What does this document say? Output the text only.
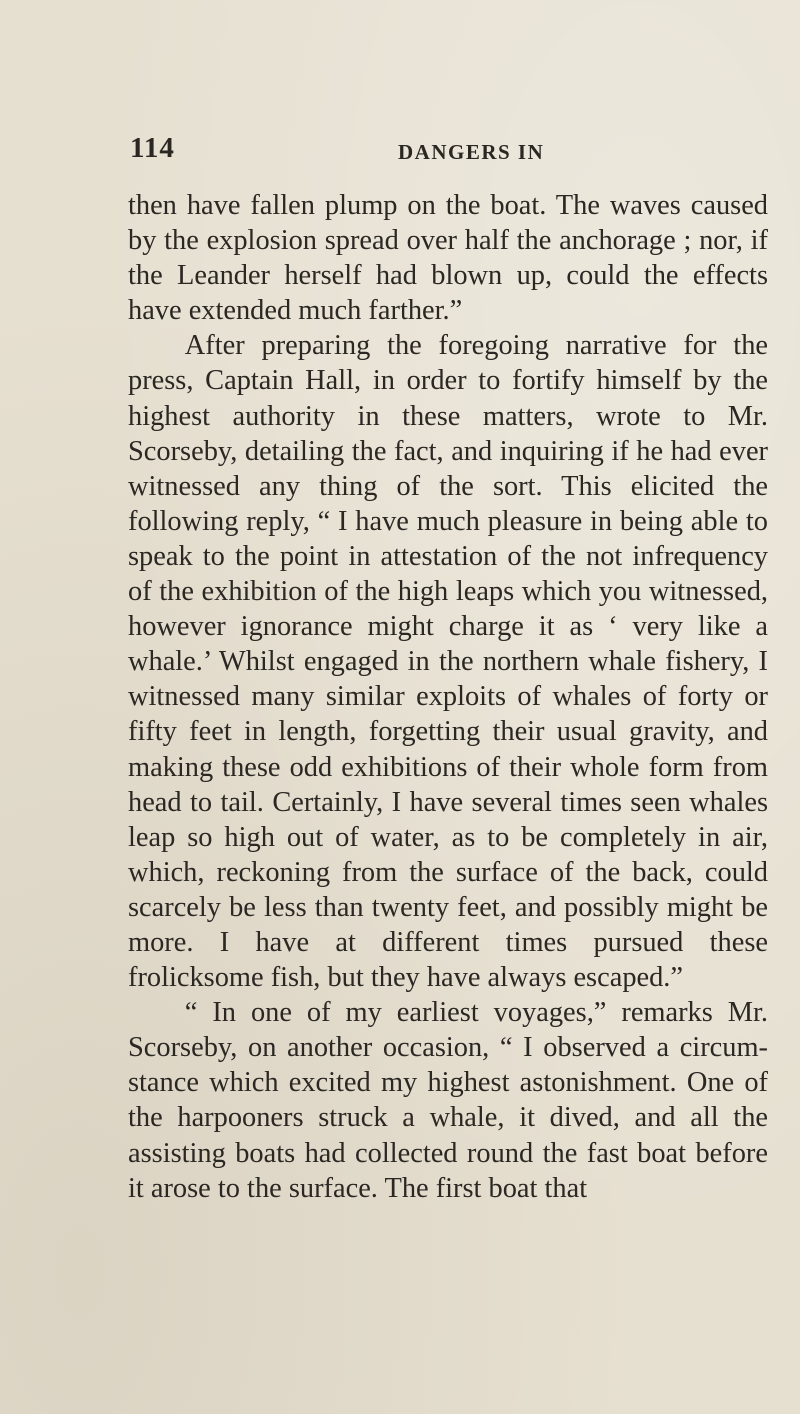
114	DANGERS IN

then have fallen plump on the boat. The waves caused by the explosion spread over half the anchorage ; nor, if the Leander herself had blown up, could the effects have extended much farther.”

After preparing the foregoing narrative for the press, Captain Hall, in order to fortify himself by the highest authority in these matters, wrote to Mr. Scorseby, detailing the fact, and inquiring if he had ever witnessed any thing of the sort. This elicited the following reply, “ I have much pleasure in being able to speak to the point in attestation of the not infrequency of the exhibition of the high leaps which you witnessed, however ignorance might charge it as ‘ very like a whale.’ Whilst engaged in the northern whale fishery, I witnessed many similar exploits of whales of forty or fifty feet in length, forgetting their usual gravity, and making these odd exhibitions of their whole form from head to tail. Certainly, I have several times seen whales leap so high out of water, as to be completely in air, which, reckoning from the surface of the back, could scarcely be less than twenty feet, and possibly might be more. I have at different times pursued these frolicksome fish, but they have always escaped.”

“ In one of my earliest voyages,” remarks Mr. Scorseby, on another occasion, “ I observed a circumstance which excited my highest astonishment. One of the harpooners struck a whale, it dived, and all the assisting boats had collected round the fast boat before it arose to the surface. The first boat that
